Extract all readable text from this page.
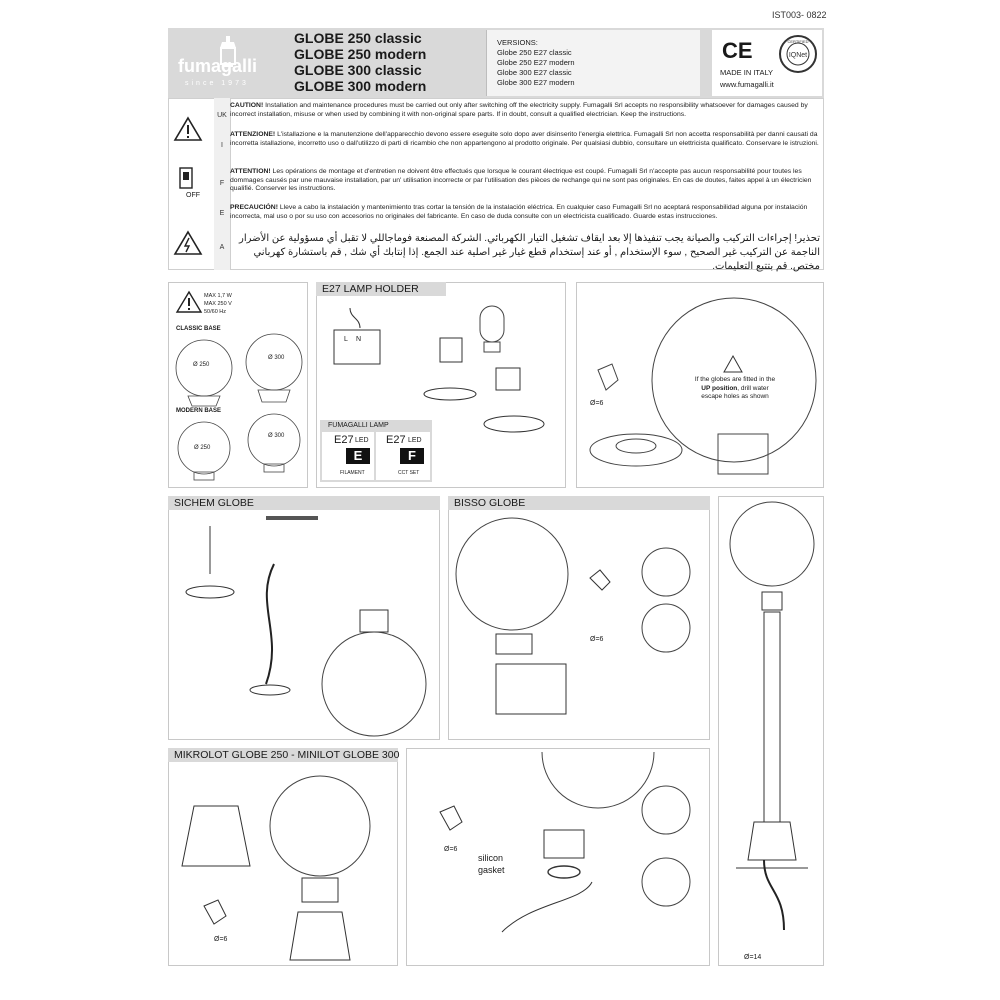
IST003- 0822
fumagalli
since 1973
GLOBE 250 classic
GLOBE 250 modern
GLOBE 300 classic
GLOBE 300 modern
VERSIONS:
Globe 250 E27 classic
Globe 250 E27 modern
Globe 300 E27 classic
Globe 300 E27 modern
CE	IQNet
CERTIFIED
MADE IN ITALY
www.fumagalli.it
OFF
UK
CAUTION! Installation and maintenance procedures must be carried out only after switching off the electricity supply. Fumagalli Srl accepts no responsibility whatsoever for damages caused by incorrect installation, misuse or when used by combining it with non-original spare parts. If in doubt, consult a qualified electrician. Keep the instructions.
I
ATTENZIONE! L'istallazione e la manutenzione dell'apparecchio devono essere eseguite solo dopo aver disinserito l'energia elettrica. Fumagalli Srl non accetta responsabilità per danni causati da incorretta istallazione, incorretto uso o dall'utilizzo di parti di ricambio che non appartengono al prodotto originale. Per qualsiasi dubbio, consultare un elettricista qualificato. Conservare le istruzioni.
F
ATTENTION! Les opérations de montage et d'entretien ne doivent être effectués que lorsque le courant électrique est coupé. Fumagalli Srl n'accepte pas aucun responsabilité pour toutes les dommages causés par une mauvaise installation, par un' utilisation incorrecte or par l'utilisation des pièces de rechange qui ne sont pas originales. En cas de doutes, faites appel à un électricien qualifié. Conserver les instructions.
E
PRECAUCIÓN! Lleve a cabo la instalación y mantenimiento tras cortar la tensión de la instalación eléctrica. En cualquier caso Fumagalli Srl no aceptará responsabilidad alguna por instalación incorrecta, mal uso o por su uso con accesorios no originales del fabricante. En caso de duda consulte con un electricista cualificado. Guarde estas instrucciones.
A
تحذير! إجراءات التركيب والصيانة يجب تنفيذها إلا بعد ايقاف تشغيل التيار الكهربائي. الشركة المصنعة فوماجاللي لا تقبل أي مسؤولية عن الأضرار الناجمة عن التركيب غير الصحيح , سوء الإستخدام , أو عند إستخدام قطع غيار غير اصلية عند الجمع. إذا إنتابك أي شك , قم باستشارة كهرباني مختص. قم بتتبع التعليمات.
MAX 1,7 W
MAX 250 V
50/60 Hz
CLASSIC BASE
Ø 250
Ø 300
MODERN BASE
Ø 250
Ø 300
E27 LAMP HOLDER
L N
FUMAGALLI LAMP
E27 LED
E
FILAMENT
E27 LED
F
CCT SET
Ø=6
If the globes are fitted in the UP position, drill water escape holes as shown
SICHEM GLOBE	BISSO GLOBE
Ø=6
Ø=14
MIKROLOT GLOBE 250 - MINILOT GLOBE 300
Ø=6
Ø=6
silicon
gasket
